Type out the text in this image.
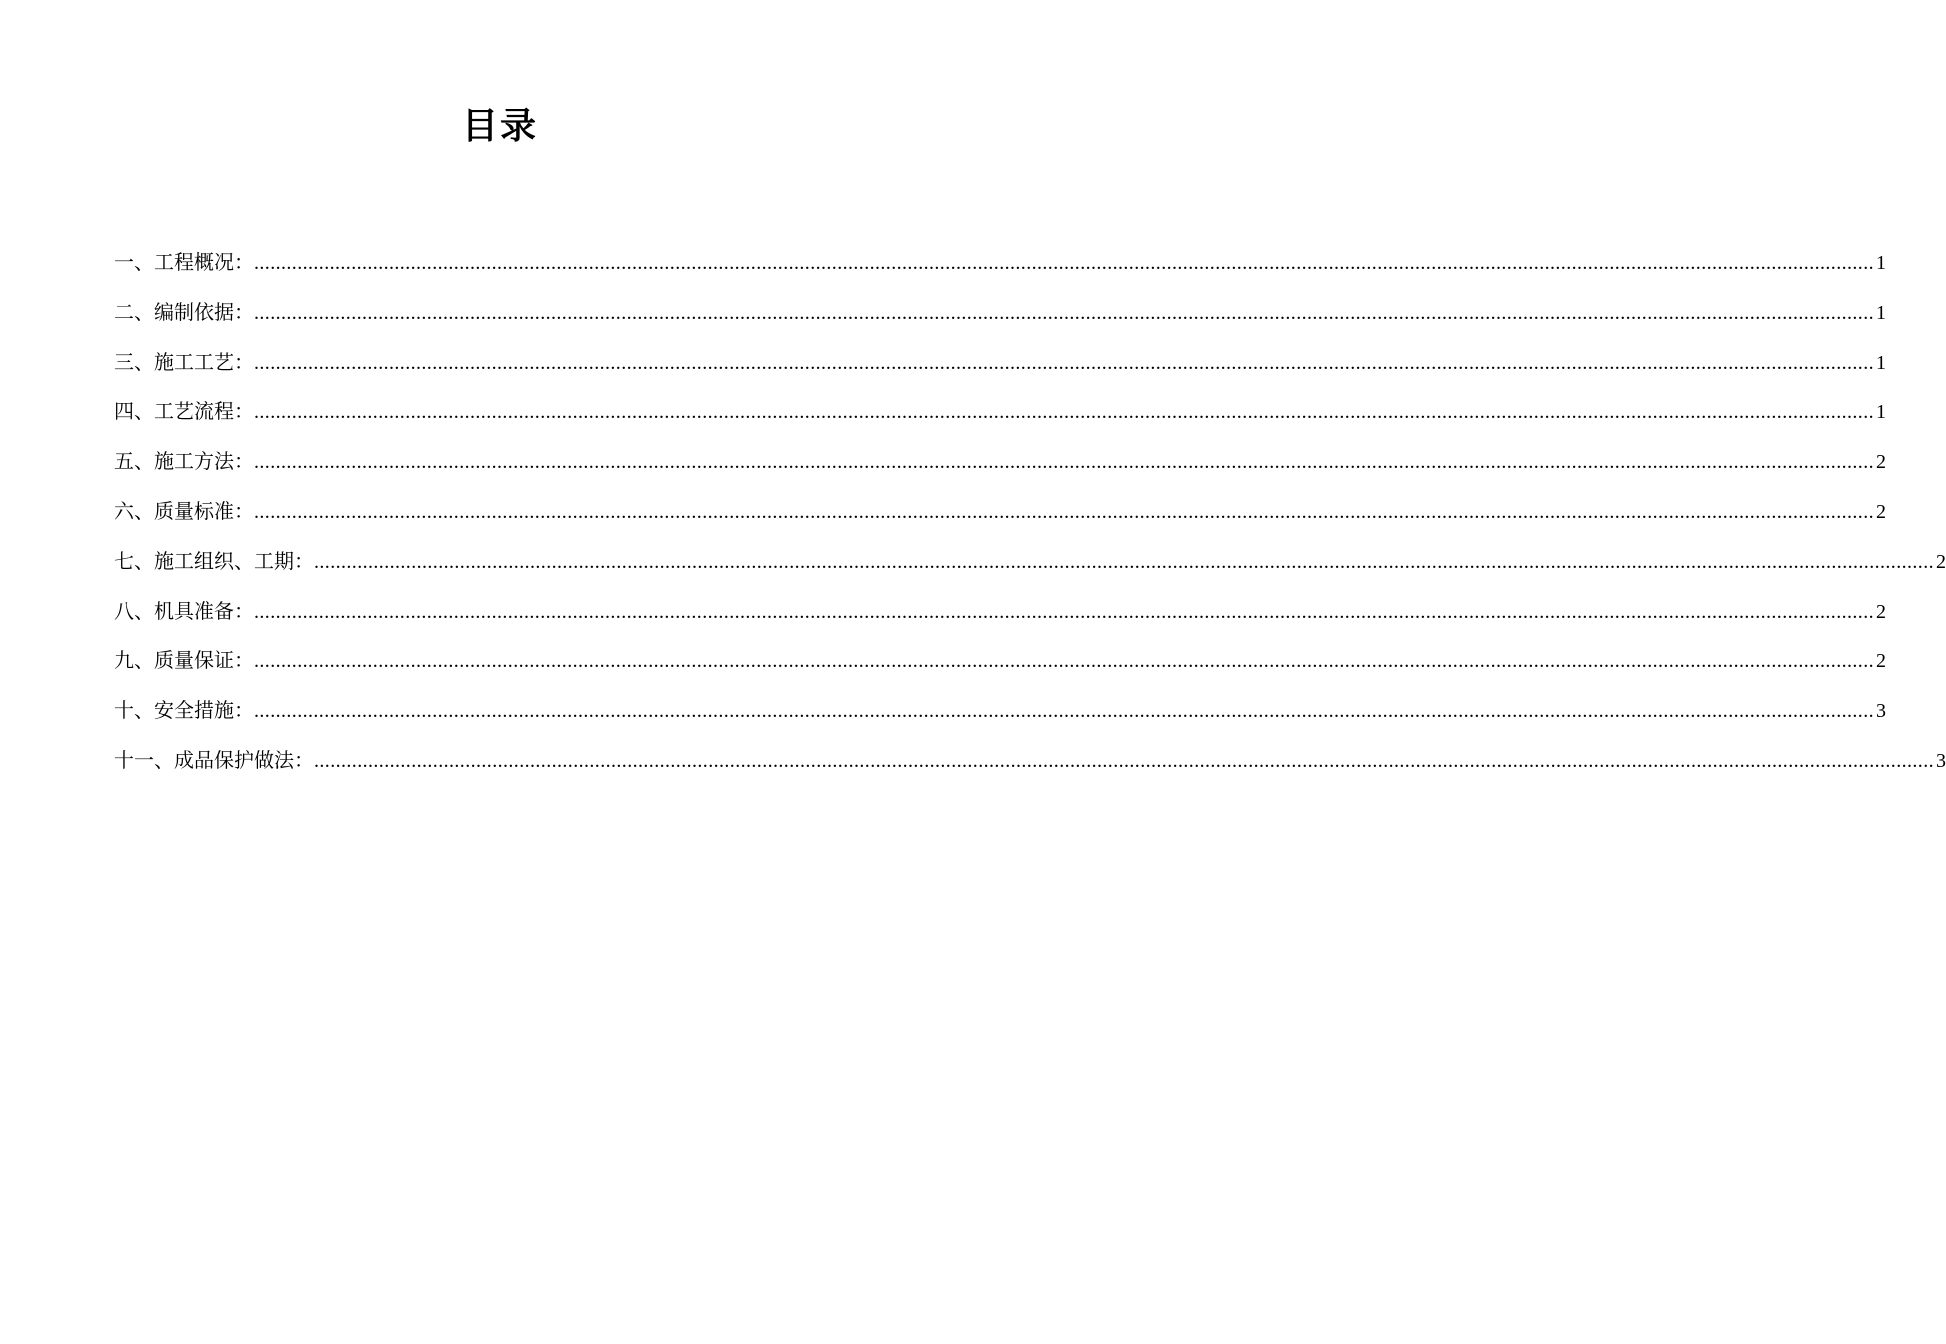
目录
一、工程概况： ............................................................................................................................................................................................................................................................................................................ 1
二、编制依据： ............................................................................................................................................................................................................................................................................................................ 1
三、施工工艺： ............................................................................................................................................................................................................................................................................................................ 1
四、工艺流程： ............................................................................................................................................................................................................................................................................................................ 1
五、施工方法： ............................................................................................................................................................................................................................................................................................................ 2
六、质量标准： ............................................................................................................................................................................................................................................................................................................ 2
七、施工组织、工期： ............................................................................................................................................................................................................................................................................................................ 2
八、机具准备： ............................................................................................................................................................................................................................................................................................................ 2
九、质量保证： ............................................................................................................................................................................................................................................................................................................ 2
十、安全措施： ............................................................................................................................................................................................................................................................................................................ 3
十一、成品保护做法： ............................................................................................................................................................................................................................................................................................................ 3
